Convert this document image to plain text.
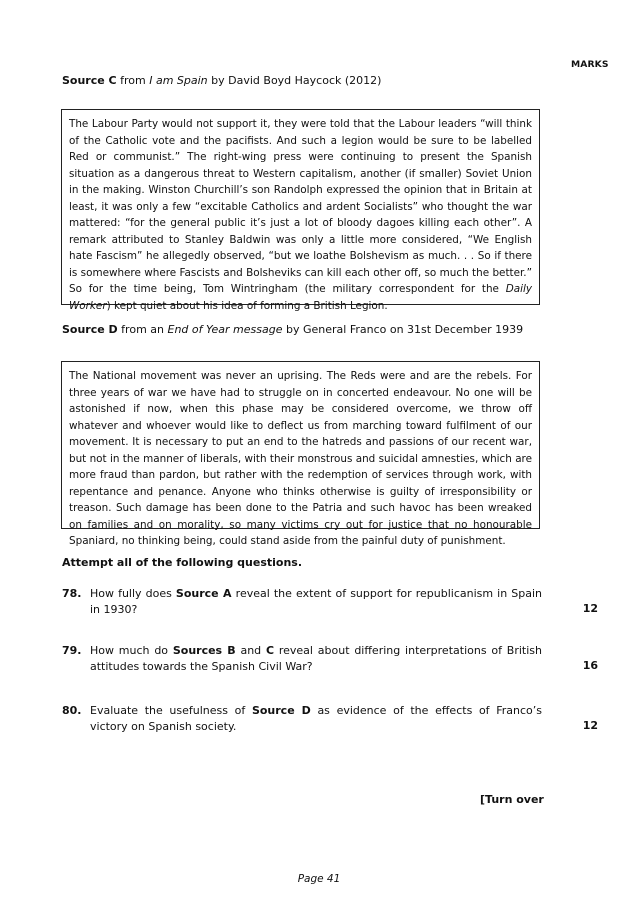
MARKS
Source C from I am Spain by David Boyd Haycock (2012)
The Labour Party would not support it, they were told that the Labour leaders “will think of the Catholic vote and the pacifists. And such a legion would be sure to be labelled Red or communist.” The right-wing press were continuing to present the Spanish situation as a dangerous threat to Western capitalism, another (if smaller) Soviet Union in the making. Winston Churchill’s son Randolph expressed the opinion that in Britain at least, it was only a few “excitable Catholics and ardent Socialists” who thought the war mattered: “for the general public it’s just a lot of bloody dagoes killing each other”. A remark attributed to Stanley Baldwin was only a little more considered, “We English hate Fascism” he allegedly observed, “but we loathe Bolshevism as much. . . So if there is somewhere where Fascists and Bolsheviks can kill each other off, so much the better.” So for the time being, Tom Wintringham (the military correspondent for the Daily Worker) kept quiet about his idea of forming a British Legion.
Source D from an End of Year message by General Franco on 31st December 1939
The National movement was never an uprising. The Reds were and are the rebels. For three years of war we have had to struggle on in concerted endeavour. No one will be astonished if now, when this phase may be considered overcome, we throw off whatever and whoever would like to deflect us from marching toward fulfilment of our movement. It is necessary to put an end to the hatreds and passions of our recent war, but not in the manner of liberals, with their monstrous and suicidal amnesties, which are more fraud than pardon, but rather with the redemption of services through work, with repentance and penance. Anyone who thinks otherwise is guilty of irresponsibility or treason. Such damage has been done to the Patria and such havoc has been wreaked on families and on morality, so many victims cry out for justice that no honourable Spaniard, no thinking being, could stand aside from the painful duty of punishment.
Attempt all of the following questions.
78. How fully does Source A reveal the extent of support for republicanism in Spain in 1930?	12
79. How much do Sources B and C reveal about differing interpretations of British attitudes towards the Spanish Civil War?	16
80. Evaluate the usefulness of Source D as evidence of the effects of Franco’s victory on Spanish society.	12
[Turn over
Page 41
